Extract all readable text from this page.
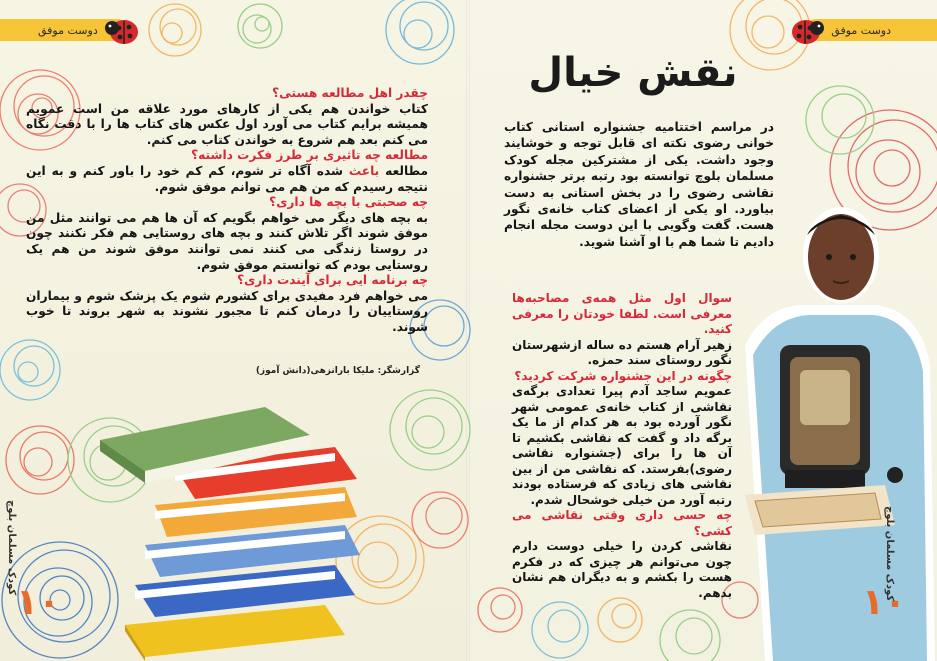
دوست موفق	دوست موفق
نقش خیال

در مراسم اختتامیه جشنواره استانی کتاب خوانی رضوی نکته ای قابل توجه و خوشایند وجود داشت. یکی از مشترکین مجله کودک مسلمان بلوچ توانسته بود رتبه برتر جشنواره نقاشی رضوی را در بخش استانی به دست بیاورد. او یکی از اعضای کتاب خانه‌ی نگور هست. گفت وگویی با این دوست مجله انجام دادیم تا شما هم با او آشنا شوید.

سوال اول مثل همه‌ی مصاحبه‌ها معرفی است. لطفا خودتان را معرفی کنید.

زهیر آرام هستم ده ساله ازشهرستان نگور روستای سند حمزه.

چگونه در این جشنواره شرکت کردید؟

عمویم ساجد آدم پیرا تعدادی برگه‌ی نقاشی از کتاب خانه‌ی عمومی شهر نگور آورده بود به هر کدام از ما یک برگه داد و گفت که نقاشی بکشیم تا آن ها را برای (جشنواره نقاشی رضوی)بفرستد. که نقاشی من از بین نقاشی های زیادی که فرستاده بودند رتبه آورد من خیلی خوشحال شدم.

چه حسی داری وقتی نقاشی می کشی؟

نقاشی کردن را خیلی دوست دارم چون می‌توانم هر چیزی که در فکرم هست را بکشم و به دیگران هم نشان بدهم.

چقدر اهل مطالعه هستی؟

کتاب خواندن هم یکی از کارهای مورد علاقه من است عمویم همیشه برایم کتاب می آورد اول عکس های کتاب ها را با دقت نگاه می کنم بعد هم شروع به خواندن کتاب می کنم.

مطالعه چه تاثیری بر طرز فکرت داشته؟

مطالعه باعث شده آگاه تر شوم، کم کم خود را باور کنم و به این نتیجه رسیدم که من هم می توانم موفق شوم.

چه صحبتی با بچه ها داری؟

به بچه های دیگر می خواهم بگویم که آن ها هم می توانند مثل من موفق شوند اگر تلاش کنند و بچه های روستایی هم فکر نکنند چون در روستا زندگی می کنند نمی توانند موفق شوند من هم یک روستایی بودم که توانستم موفق شوم.

چه برنامه ایی برای آیندت داری؟

می خواهم فرد مفیدی برای کشورم شوم یک پزشک شوم و بیماران روستاییان را درمان کنم تا مجبور نشوند به شهر بروند تا خوب شوند.

گزارشگر: ملیکا بارانزهی(دانش آموز)
۱۰	۱۰
کودک مسلمان بلوچ	کودک مسلمان بلوچ
